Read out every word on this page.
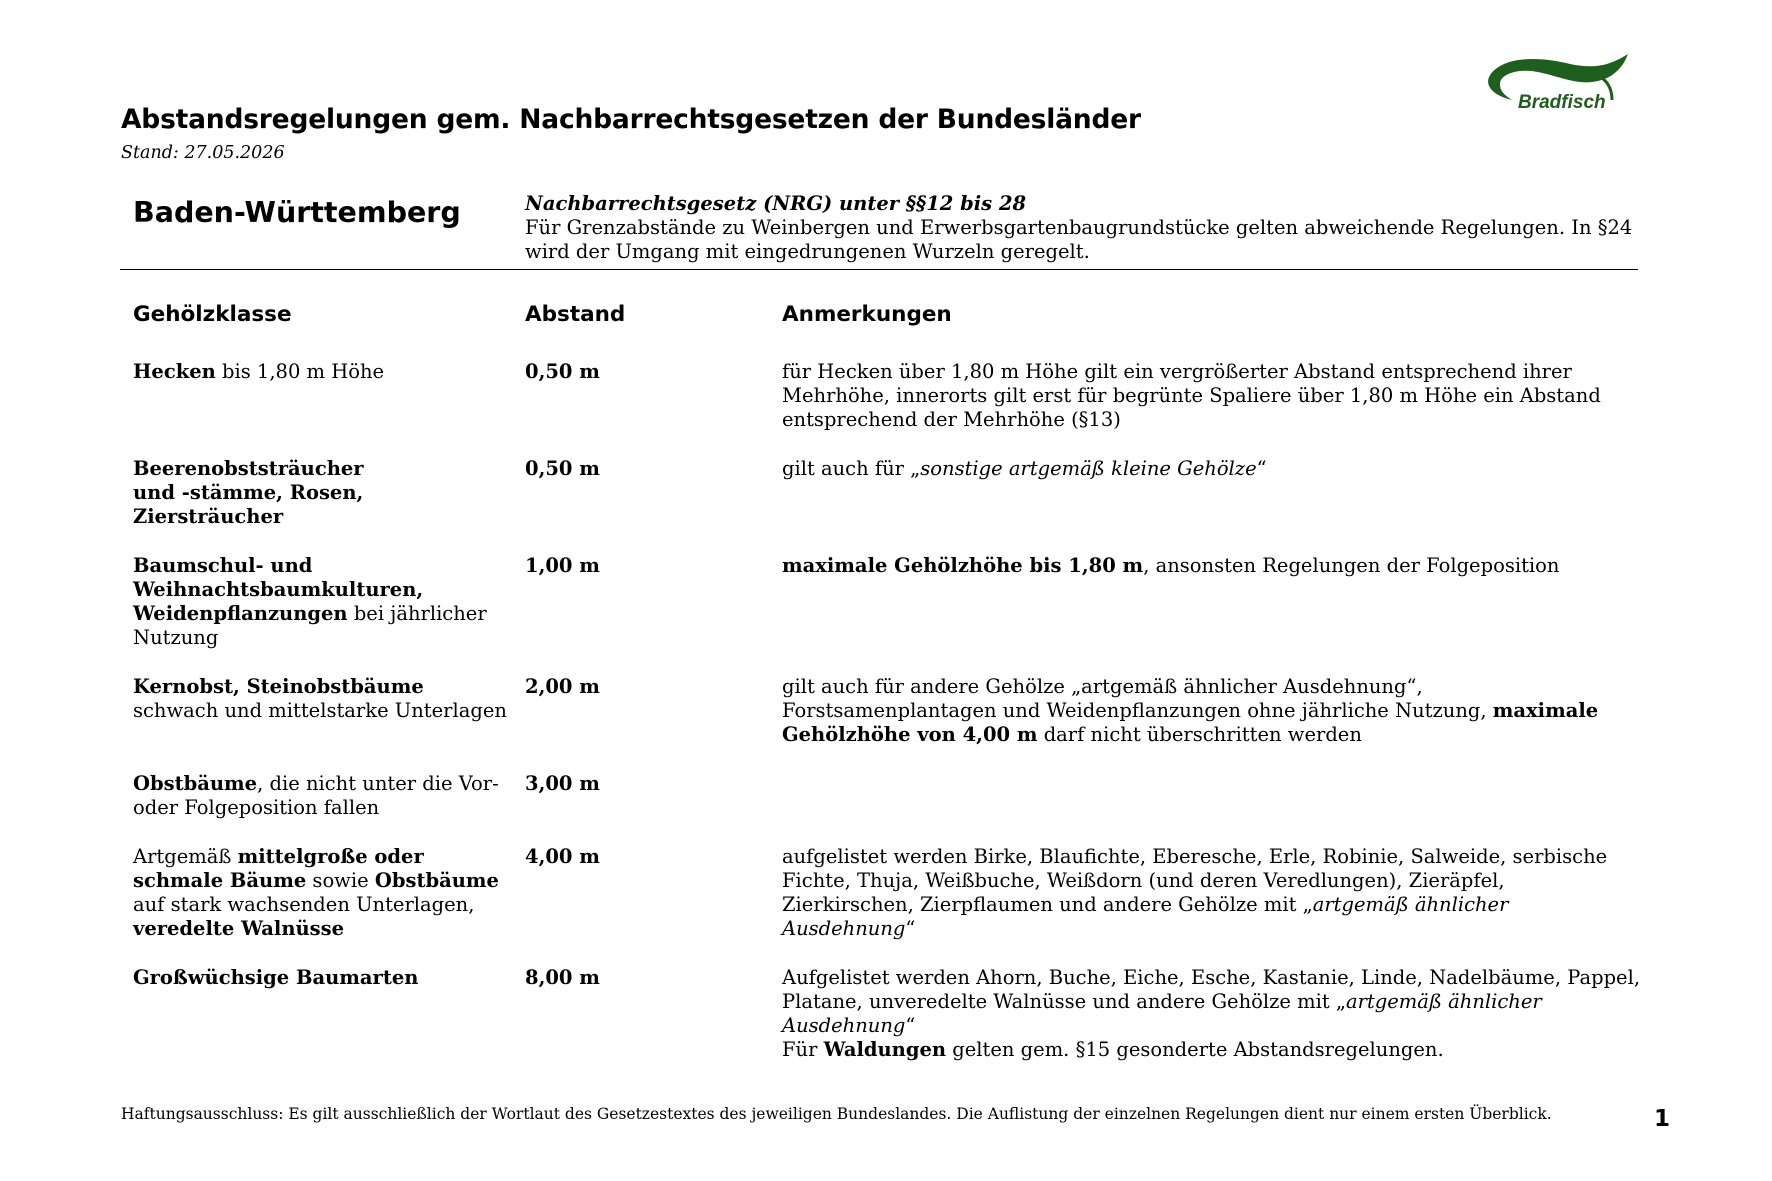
Bradfisch
Abstandsregelungen gem. Nachbarrechtsgesetzen der Bundesländer
Stand: 27.05.2026
Baden-Württemberg	Nachbarrechtsgesetz (NRG) unter §§12 bis 28
Für Grenzabstände zu Weinbergen und Erwerbsgartenbaugrundstücke gelten abweichende Regelungen. In §24 wird der Umgang mit eingedrungenen Wurzeln geregelt.
Gehölzklasse	Abstand	Anmerkungen
Hecken bis 1,80 m Höhe	0,50 m	für Hecken über 1,80 m Höhe gilt ein vergrößerter Abstand entsprechend ihrer Mehrhöhe, innerorts gilt erst für begrünte Spaliere über 1,80 m Höhe ein Abstand entsprechend der Mehrhöhe (§13)
Beerenobststräucher
und -stämme, Rosen,
Ziersträucher
0,50 m	gilt auch für „sonstige artgemäß kleine Gehölze“
Baumschul- und
Weihnachtsbaumkulturen,
Weidenpflanzungen bei jährlicher
Nutzung
1,00 m	maximale Gehölzhöhe bis 1,80 m, ansonsten Regelungen der Folgeposition
Kernobst, Steinobstbäume
schwach und mittelstarke Unterlagen
2,00 m	gilt auch für andere Gehölze „artgemäß ähnlicher Ausdehnung“, Forstsamenplantagen und Weidenpflanzungen ohne jährliche Nutzung, maximale Gehölzhöhe von 4,00 m darf nicht überschritten werden
Obstbäume, die nicht unter die Vor-
oder Folgeposition fallen
3,00 m
Artgemäß mittelgroße oder
schmale Bäume sowie Obstbäume
auf stark wachsenden Unterlagen,
veredelte Walnüsse
4,00 m	aufgelistet werden Birke, Blaufichte, Eberesche, Erle, Robinie, Salweide, serbische Fichte, Thuja, Weißbuche, Weißdorn (und deren Veredlungen), Zieräpfel, Zierkirschen, Zierpflaumen und andere Gehölze mit „artgemäß ähnlicher Ausdehnung“
Großwüchsige Baumarten	8,00 m	Aufgelistet werden Ahorn, Buche, Eiche, Esche, Kastanie, Linde, Nadelbäume, Pappel, Platane, unveredelte Walnüsse und andere Gehölze mit „artgemäß ähnlicher Ausdehnung“
Für Waldungen gelten gem. §15 gesonderte Abstandsregelungen.
Haftungsausschluss: Es gilt ausschließlich der Wortlaut des Gesetzestextes des jeweiligen Bundeslandes. Die Auflistung der einzelnen Regelungen dient nur einem ersten Überblick.	1
